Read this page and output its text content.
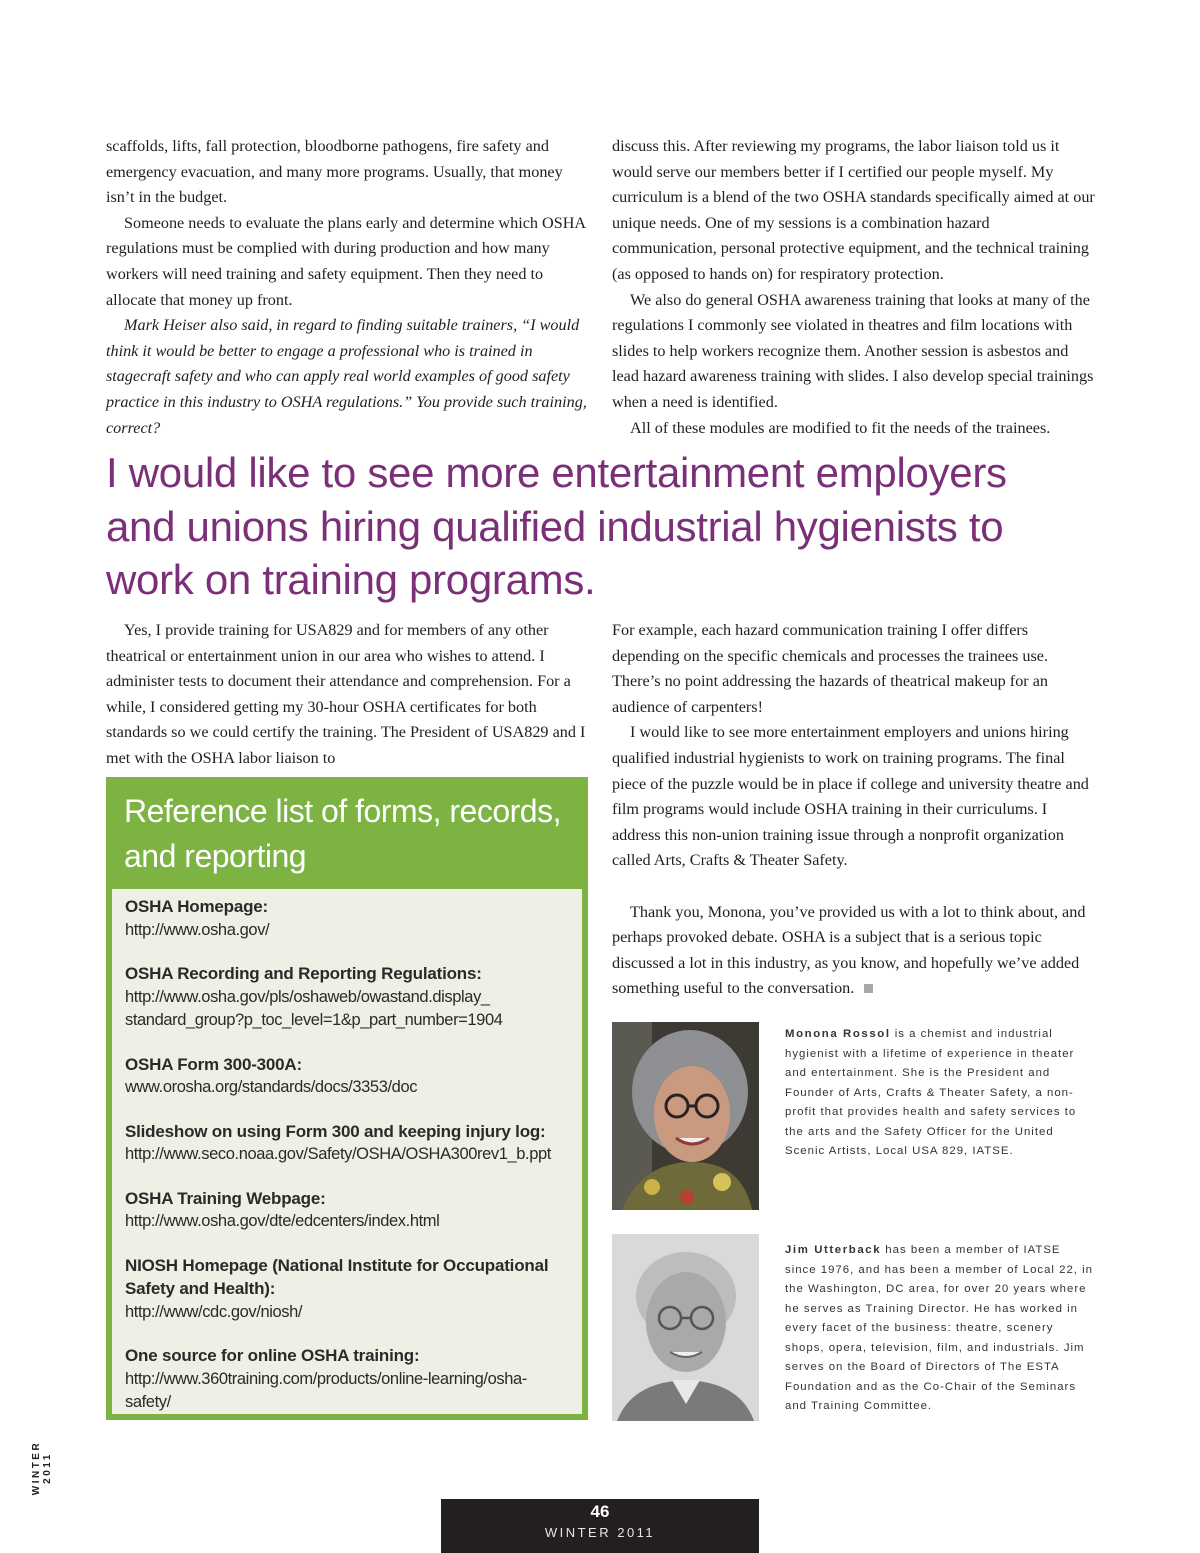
scaffolds, lifts, fall protection, bloodborne pathogens, fire safety and emergency evacuation, and many more programs. Usually, that money isn’t in the budget.

Someone needs to evaluate the plans early and determine which OSHA regulations must be complied with during production and how many workers will need training and safety equipment. Then they need to allocate that money up front.

Mark Heiser also said, in regard to finding suitable trainers, “I would think it would be better to engage a professional who is trained in stagecraft safety and who can apply real world examples of good safety practice in this industry to OSHA regulations.” You provide such training, correct?

discuss this. After reviewing my programs, the labor liaison told us it would serve our members better if I certified our people myself. My curriculum is a blend of the two OSHA standards specifically aimed at our unique needs. One of my sessions is a combination hazard communication, personal protective equipment, and the technical training (as opposed to hands on) for respiratory protection.

We also do general OSHA awareness training that looks at many of the regulations I commonly see violated in theatres and film locations with slides to help workers recognize them. Another session is asbestos and lead hazard awareness training with slides. I also develop special trainings when a need is identified.

All of these modules are modified to fit the needs of the trainees.

I would like to see more entertainment employers and unions hiring qualified industrial hygienists to work on training programs.

Yes, I provide training for USA829 and for members of any other theatrical or entertainment union in our area who wishes to attend. I administer tests to document their attendance and comprehension. For a while, I considered getting my 30-hour OSHA certificates for both standards so we could certify the training. The President of USA829 and I met with the OSHA labor liaison to

For example, each hazard communication training I offer differs depending on the specific chemicals and processes the trainees use. There’s no point addressing the hazards of theatrical makeup for an audience of carpenters!

I would like to see more entertainment employers and unions hiring qualified industrial hygienists to work on training programs. The final piece of the puzzle would be in place if college and university theatre and film programs would include OSHA training in their curriculums. I address this non-union training issue through a nonprofit organization called Arts, Crafts & Theater Safety.

Thank you, Monona, you’ve provided us with a lot to think about, and perhaps provoked debate. OSHA is a subject that is a serious topic discussed a lot in this industry, as you know, and hopefully we’ve added something useful to the conversation.

Reference list of forms, records, and reporting
OSHA Homepage:
http://www.osha.gov/
OSHA Recording and Reporting Regulations:
http://www.osha.gov/pls/oshaweb/owastand.display_ standard_group?p_toc_level=1&p_part_number=1904
OSHA Form 300-300A:
www.orosha.org/standards/docs/3353/doc
Slideshow on using Form 300 and keeping injury log:
http://www.seco.noaa.gov/Safety/OSHA/OSHA300rev1_b.ppt
OSHA Training Webpage:
http://www.osha.gov/dte/edcenters/index.html
NIOSH Homepage (National Institute for Occupational Safety and Health):
http://www/cdc.gov/niosh/
One source for online OSHA training:
http://www.360training.com/products/online-learning/osha-safety/

Monona Rossol is a chemist and industrial hygienist with a lifetime of experience in theater and entertainment. She is the President and Founder of Arts, Crafts & Theater Safety, a non-profit that provides health and safety services to the arts and the Safety Officer for the United Scenic Artists, Local USA 829, IATSE.

Jim Utterback has been a member of IATSE since 1976, and has been a member of Local 22, in the Washington, DC area, for over 20 years where he serves as Training Director. He has worked in every facet of the business: theatre, scenery shops, opera, television, film, and industrials. Jim serves on the Board of Directors of The ESTA Foundation and as the Co-Chair of the Seminars and Training Committee.

WINTER 2011
46
WINTER 2011
